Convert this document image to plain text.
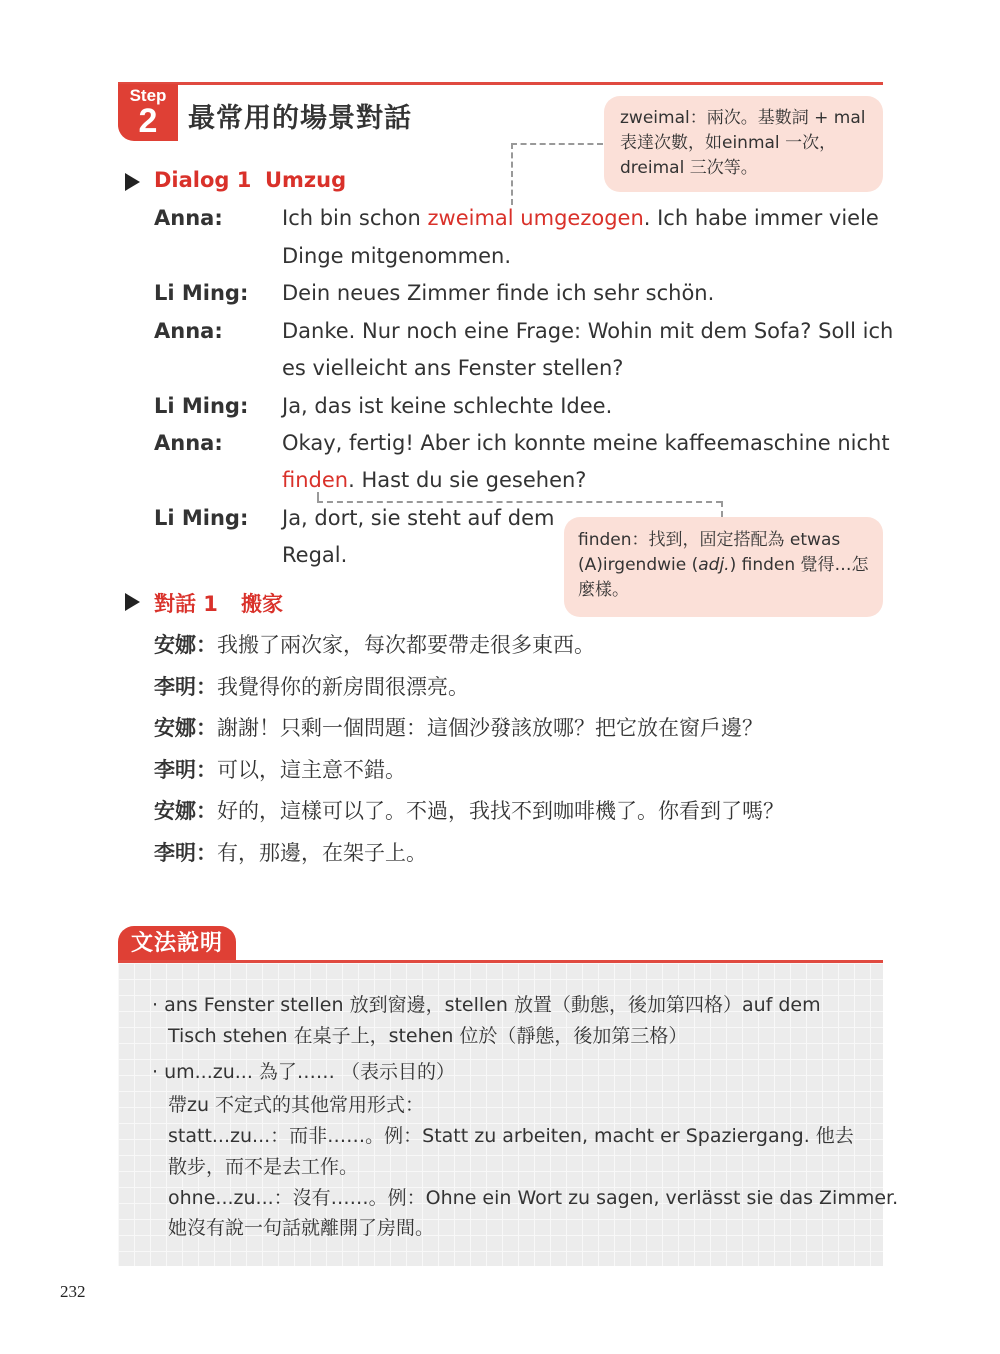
Step
2	最常用的場景對話	zweimal：兩次。基數詞 + mal
表達次數，如einmal 一次，
dreimal 三次等。
Dialog 1 Umzug
Anna:	Ich bin schon zweimal umgezogen. Ich habe immer viele
Dinge mitgenommen.
Li Ming: Dein neues Zimmer finde ich sehr schön.
Anna:	Danke. Nur noch eine Frage: Wohin mit dem Sofa? Soll ich
es vielleicht ans Fenster stellen?
Li Ming: Ja, das ist keine schlechte Idee.
Anna:	Okay, fertig! Aber ich konnte meine kaffeemaschine nicht
finden. Hast du sie gesehen?
Li Ming: Ja, dort, sie steht auf dem
Regal.
finden：找到，固定搭配為 etwas
(A)irgendwie (adj.) finden 覺得…怎
麼樣。
對話 1 搬家
安娜：我搬了兩次家，每次都要帶走很多東西。
李明：我覺得你的新房間很漂亮。
安娜：謝謝！只剩一個問題：這個沙發該放哪？把它放在窗戶邊？
李明：可以，這主意不錯。
安娜：好的，這樣可以了。不過，我找不到咖啡機了。你看到了嗎？
李明：有，那邊，在架子上。
文法說明
‧ ans Fenster stellen 放到窗邊，stellen 放置（動態，後加第四格）auf dem
Tisch stehen 在桌子上，stehen 位於（靜態，後加第三格）
‧ um...zu... 為了…… （表示目的）
帶zu 不定式的其他常用形式：
statt...zu...：而非……。例：Statt zu arbeiten, macht er Spaziergang. 他去
散步，而不是去工作。
ohne...zu...：沒有……。例：Ohne ein Wort zu sagen, verlässt sie das Zimmer.
她沒有說一句話就離開了房間。
232
